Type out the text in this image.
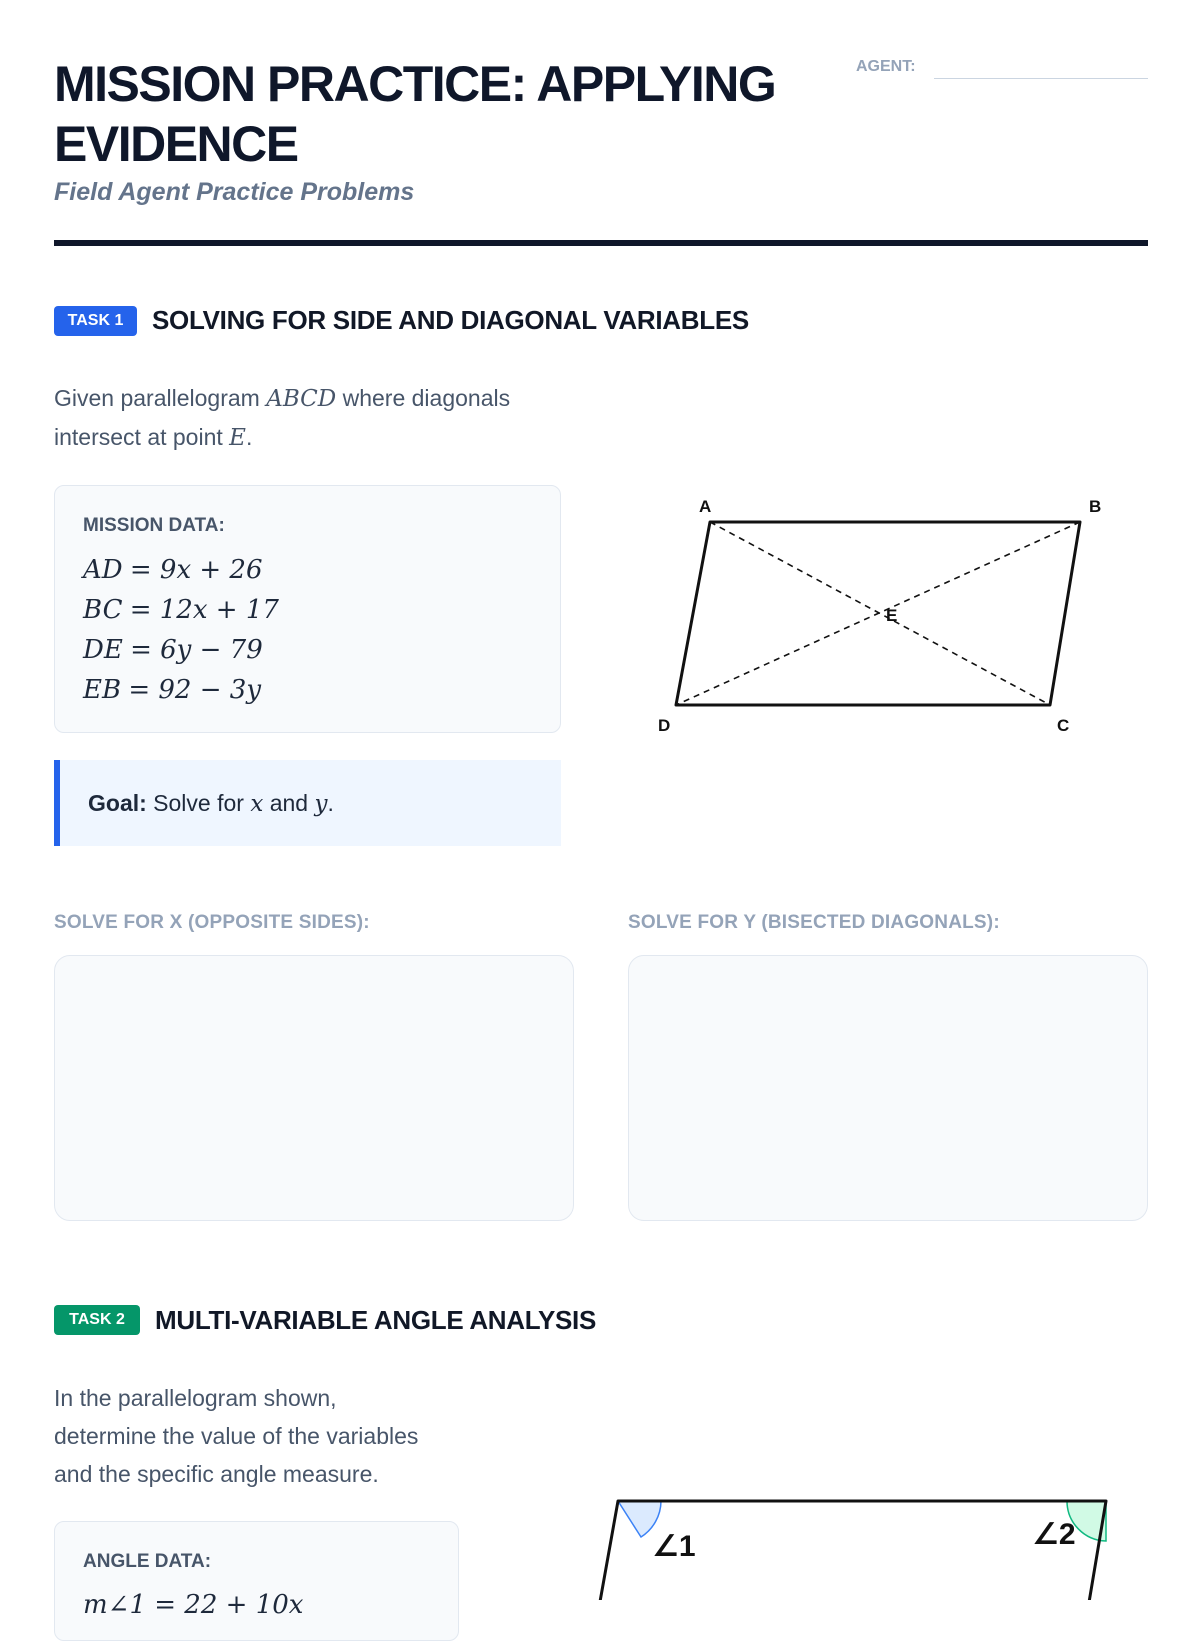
MISSION PRACTICE: APPLYING EVIDENCE
Field Agent Practice Problems
AGENT:
TASK 1	SOLVING FOR SIDE AND DIAGONAL VARIABLES
Given parallelogram ABCD where diagonals intersect at point E.
MISSION DATA:
AD = 9x + 26
BC = 12x + 17
DE = 6y − 79
EB = 92 − 3y
Goal: Solve for x and y.
A	B
C
D
E
SOLVE FOR X (OPPOSITE SIDES):	SOLVE FOR Y (BISECTED DIAGONALS):
TASK 2	MULTI-VARIABLE ANGLE ANALYSIS
In the parallelogram shown,
determine the value of the variables
and the specific angle measure.
ANGLE DATA:
m∠1 = 22 + 10x
∠1	∠2
